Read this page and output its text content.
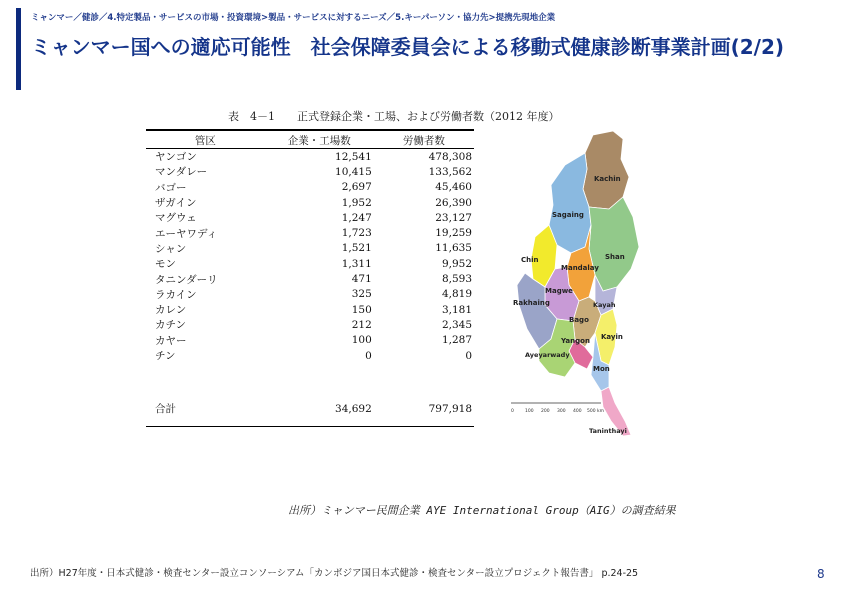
ミャンマー／健診／4.特定製品・サービスの市場・投資環境>製品・サービスに対するニーズ／5.キーパーソン・協力先>提携先現地企業
ミャンマー国への適応可能性　社会保障委員会による移動式健康診断事業計画(2/2)
表　4－1　　正式登録企業・工場、および労働者数（2012 年度）
管区	企業・工場数	労働者数
ヤンゴン	12,541	478,308
マンダレー	10,415	133,562
バゴー	2,697	45,460
ザガイン	1,952	26,390
マグウェ	1,247	23,127
エーヤワディ	1,723	19,259
シャン	1,521	11,635
モン	1,311	9,952
タニンダーリ	471	8,593
ラカイン	325	4,819
カレン	150	3,181
カチン	212	2,345
カヤー	100	1,287
チン	0	0

合計	34,692	797,918

Kachin
Sagaing
Chin
Mandalay
Shan
Magwe
Rakhaing	Kayah
Bago
Kayin
Yangon
Ayeyarwady
Mon
Taninthayi
0 100 200 300 400 500 km
出所）ミャンマー民間企業 AYE International Group（AIG）の調査結果
出所）H27年度・日本式健診・検査センター設立コンソーシアム「カンボジア国日本式健診・検査センター設立プロジェクト報告書」 p.24-25	8
